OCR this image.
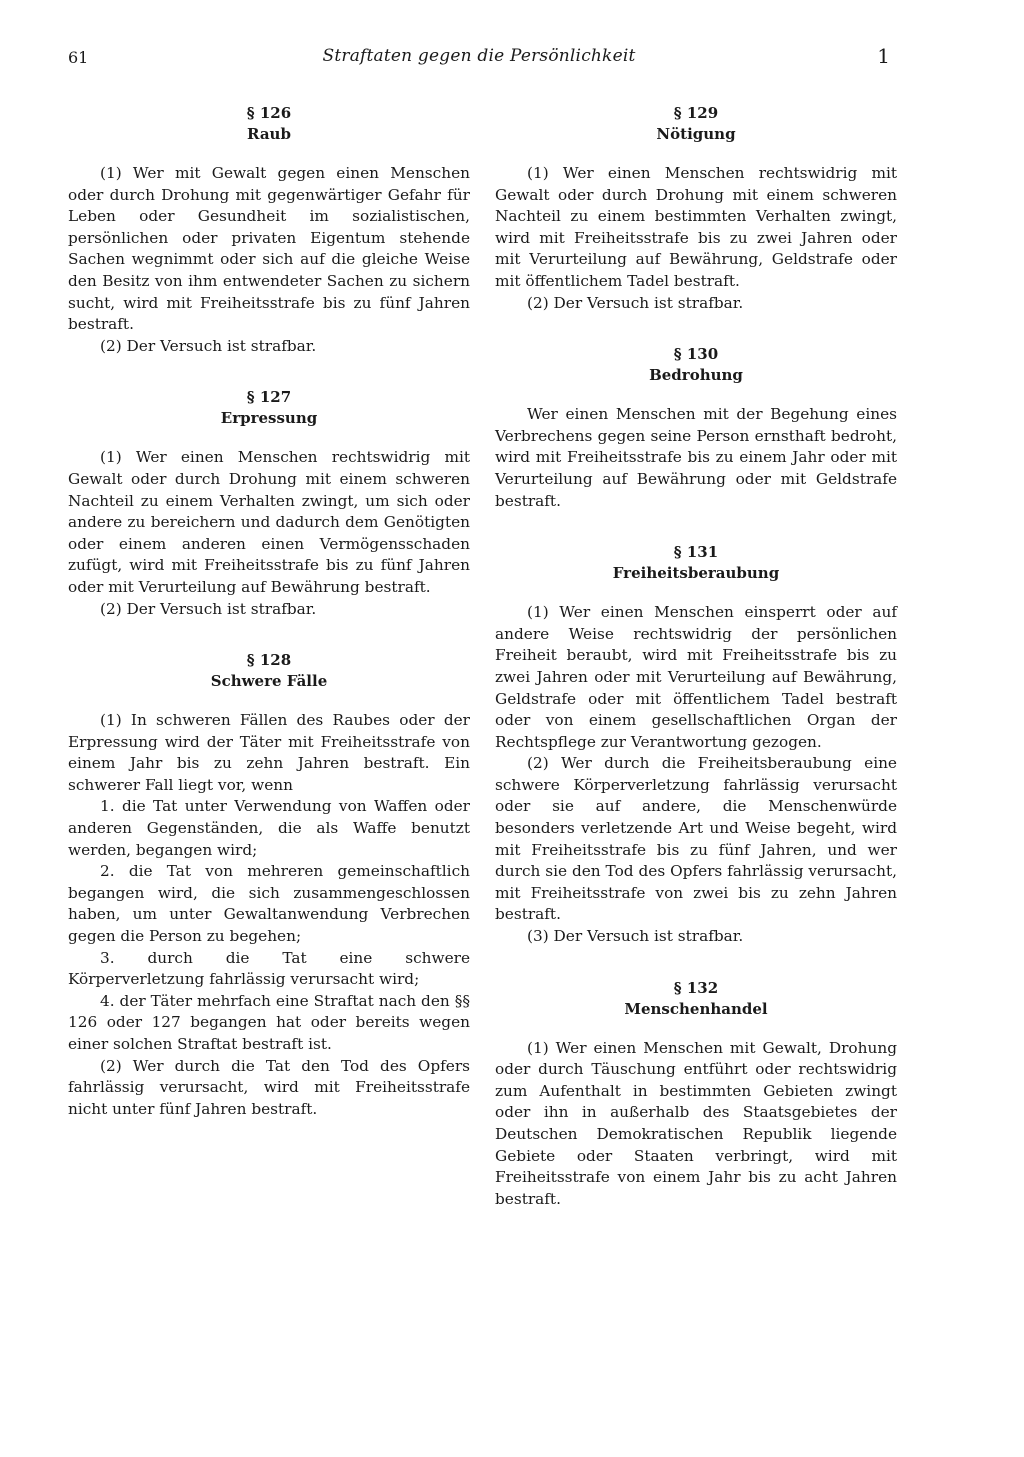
61	Straftaten gegen die Persönlichkeit	1
§ 126
Raub

(1) Wer mit Gewalt gegen einen Menschen oder durch Drohung mit gegenwärtiger Gefahr für Leben oder Gesundheit im sozialistischen, persönlichen oder privaten Eigentum stehende Sachen wegnimmt oder sich auf die gleiche Weise den Besitz von ihm entwendeter Sachen zu sichern sucht, wird mit Freiheitsstrafe bis zu fünf Jahren bestraft.

(2) Der Versuch ist strafbar.

§ 127
Erpressung

(1) Wer einen Menschen rechtswidrig mit Gewalt oder durch Drohung mit einem schweren Nachteil zu einem Verhalten zwingt, um sich oder andere zu bereichern und dadurch dem Genötigten oder einem anderen einen Vermögensschaden zufügt, wird mit Freiheitsstrafe bis zu fünf Jahren oder mit Verurteilung auf Bewährung bestraft.

(2) Der Versuch ist strafbar.

§ 128
Schwere Fälle

(1) In schweren Fällen des Raubes oder der Erpressung wird der Täter mit Freiheitsstrafe von einem Jahr bis zu zehn Jahren bestraft. Ein schwerer Fall liegt vor, wenn

1. die Tat unter Verwendung von Waffen oder anderen Gegenständen, die als Waffe benutzt werden, begangen wird;

2. die Tat von mehreren gemeinschaftlich begangen wird, die sich zusammengeschlossen haben, um unter Gewaltanwendung Verbrechen gegen die Person zu begehen;

3. durch die Tat eine schwere Körperverletzung fahrlässig verursacht wird;

4. der Täter mehrfach eine Straftat nach den §§ 126 oder 127 begangen hat oder bereits wegen einer solchen Straftat bestraft ist.

(2) Wer durch die Tat den Tod des Opfers fahrlässig verursacht, wird mit Freiheitsstrafe nicht unter fünf Jahren bestraft.

§ 129
Nötigung

(1) Wer einen Menschen rechtswidrig mit Gewalt oder durch Drohung mit einem schweren Nachteil zu einem bestimmten Verhalten zwingt, wird mit Freiheitsstrafe bis zu zwei Jahren oder mit Verurteilung auf Bewährung, Geldstrafe oder mit öffentlichem Tadel bestraft.

(2) Der Versuch ist strafbar.

§ 130
Bedrohung

Wer einen Menschen mit der Begehung eines Verbrechens gegen seine Person ernsthaft bedroht, wird mit Freiheitsstrafe bis zu einem Jahr oder mit Verurteilung auf Bewährung oder mit Geldstrafe bestraft.

§ 131
Freiheitsberaubung

(1) Wer einen Menschen einsperrt oder auf andere Weise rechtswidrig der persönlichen Freiheit beraubt, wird mit Freiheitsstrafe bis zu zwei Jahren oder mit Verurteilung auf Bewährung, Geldstrafe oder mit öffentlichem Tadel bestraft oder von einem gesellschaftlichen Organ der Rechtspflege zur Verantwortung gezogen.

(2) Wer durch die Freiheitsberaubung eine schwere Körperverletzung fahrlässig verursacht oder sie auf andere, die Menschenwürde besonders verletzende Art und Weise begeht, wird mit Freiheitsstrafe bis zu fünf Jahren, und wer durch sie den Tod des Opfers fahrlässig verursacht, mit Freiheitsstrafe von zwei bis zu zehn Jahren bestraft.

(3) Der Versuch ist strafbar.

§ 132
Menschenhandel

(1) Wer einen Menschen mit Gewalt, Drohung oder durch Täuschung entführt oder rechtswidrig zum Aufenthalt in bestimmten Gebieten zwingt oder ihn in außerhalb des Staatsgebietes der Deutschen Demokratischen Republik liegende Gebiete oder Staaten verbringt, wird mit Freiheitsstrafe von einem Jahr bis zu acht Jahren bestraft.
